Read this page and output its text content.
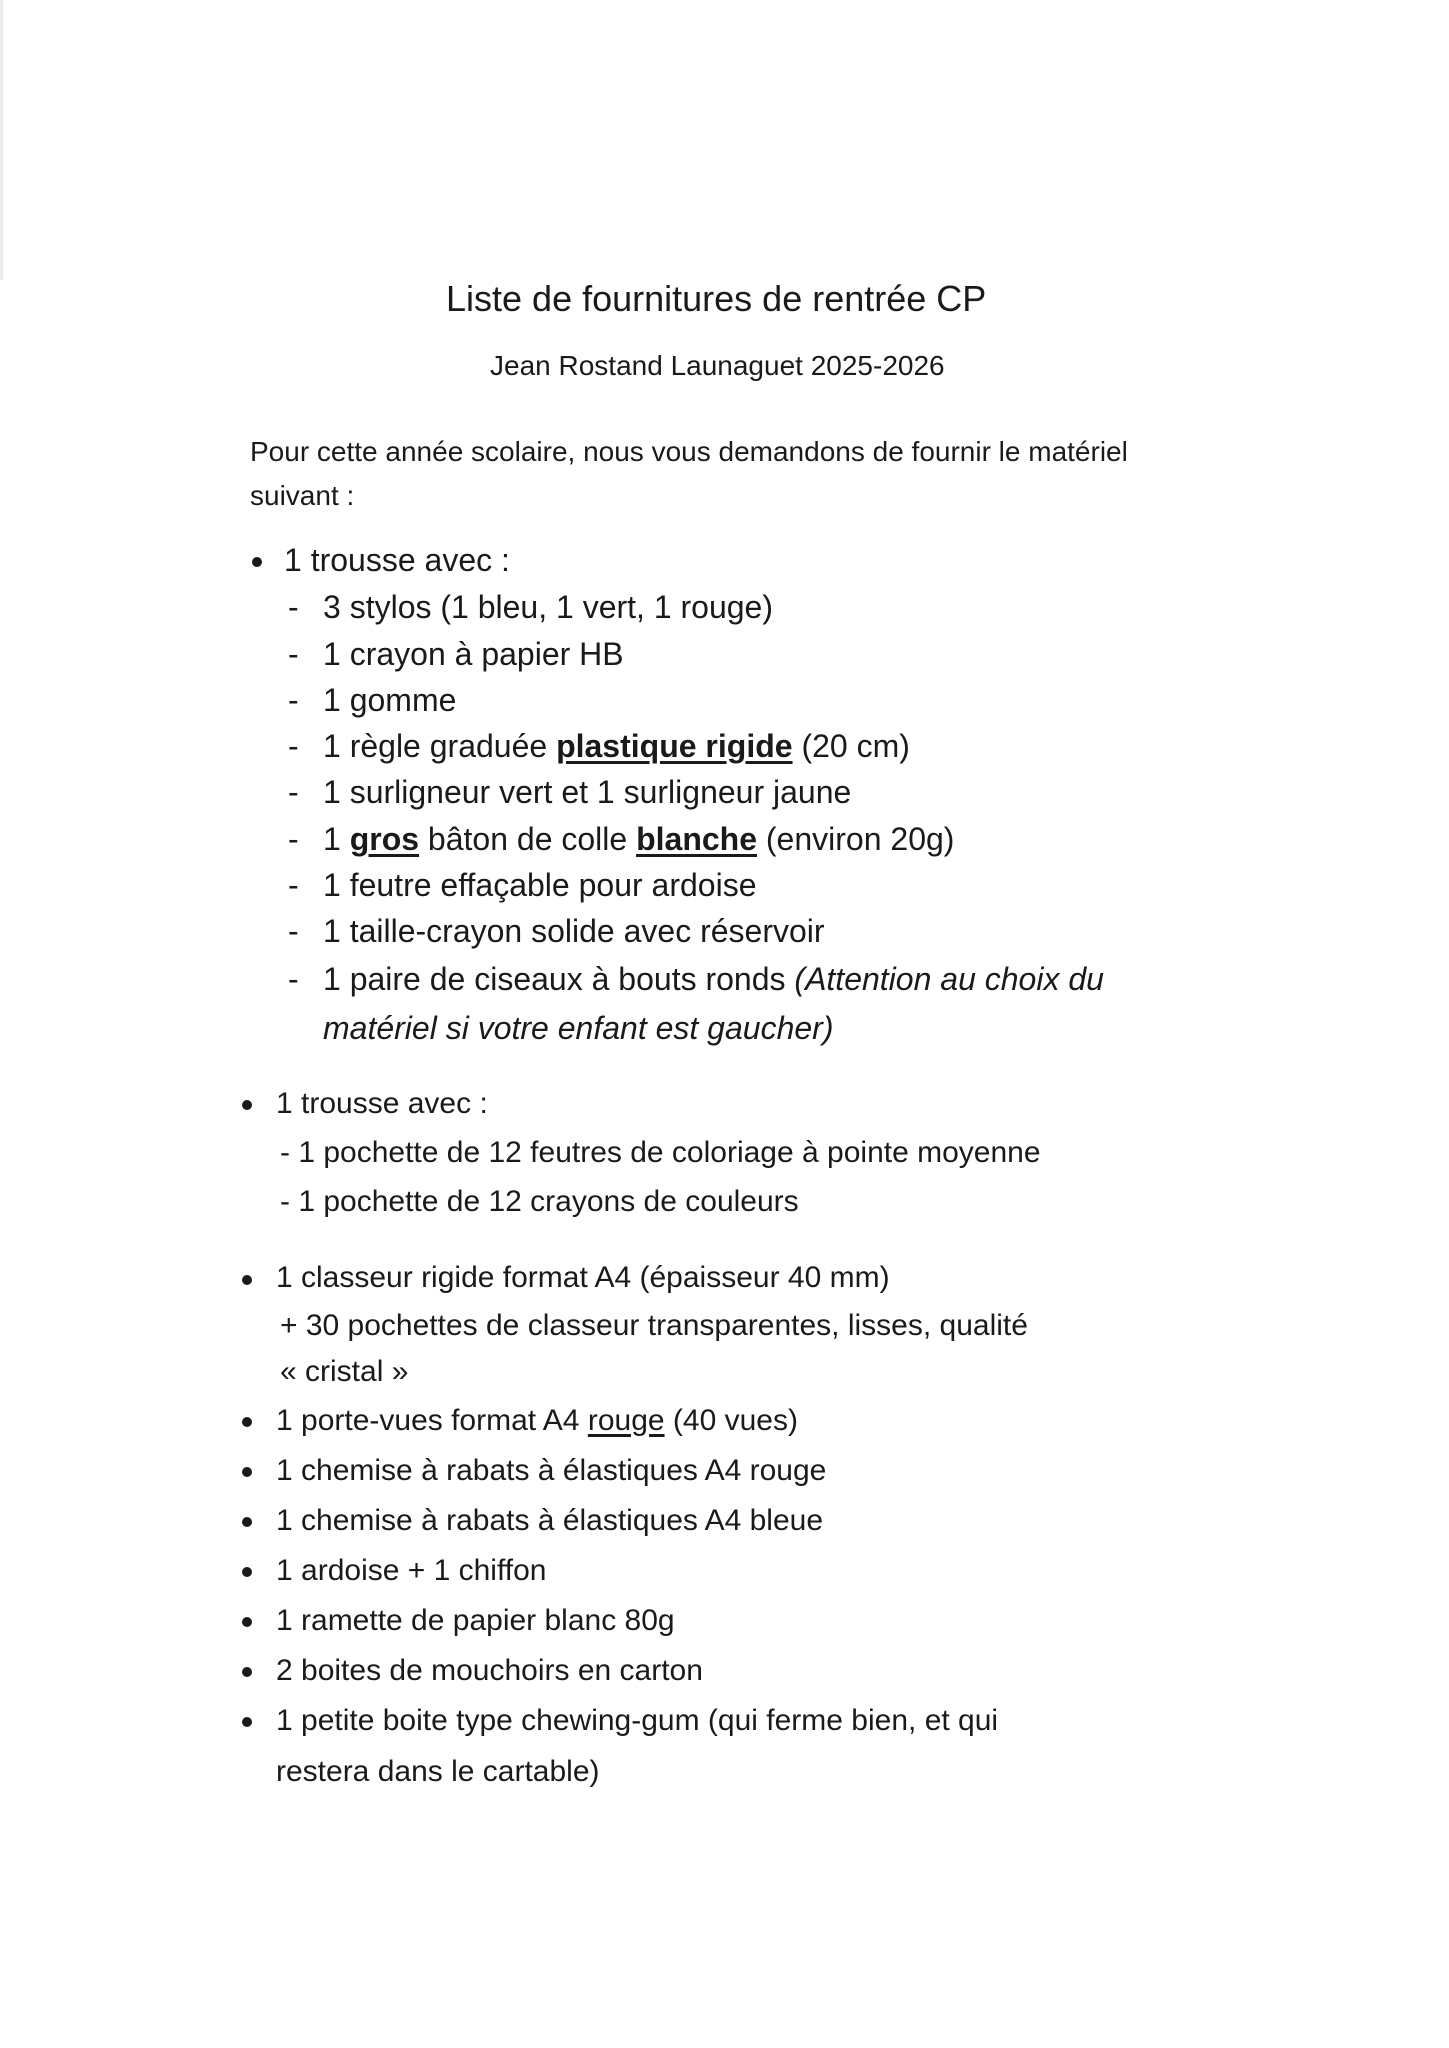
Liste de fournitures de rentrée CP
Jean Rostand Launaguet 2025-2026
Pour cette année scolaire, nous vous demandons de fournir le matériel
suivant :
1 trousse avec :
- 3 stylos (1 bleu, 1 vert, 1 rouge)
- 1 crayon à papier HB
- 1 gomme
- 1 règle graduée plastique rigide (20 cm)
- 1 surligneur vert et 1 surligneur jaune
- 1 gros bâton de colle blanche (environ 20g)
- 1 feutre effaçable pour ardoise
- 1 taille-crayon solide avec réservoir
- 1 paire de ciseaux à bouts ronds (Attention au choix du
matériel si votre enfant est gaucher)
1 trousse avec :
- 1 pochette de 12 feutres de coloriage à pointe moyenne
- 1 pochette de 12 crayons de couleurs
1 classeur rigide format A4 (épaisseur 40 mm)
+ 30 pochettes de classeur transparentes, lisses, qualité
« cristal »
1 porte-vues format A4 rouge (40 vues)
1 chemise à rabats à élastiques A4 rouge
1 chemise à rabats à élastiques A4 bleue
1 ardoise + 1 chiffon
1 ramette de papier blanc 80g
2 boites de mouchoirs en carton
1 petite boite type chewing-gum (qui ferme bien, et qui
restera dans le cartable)
